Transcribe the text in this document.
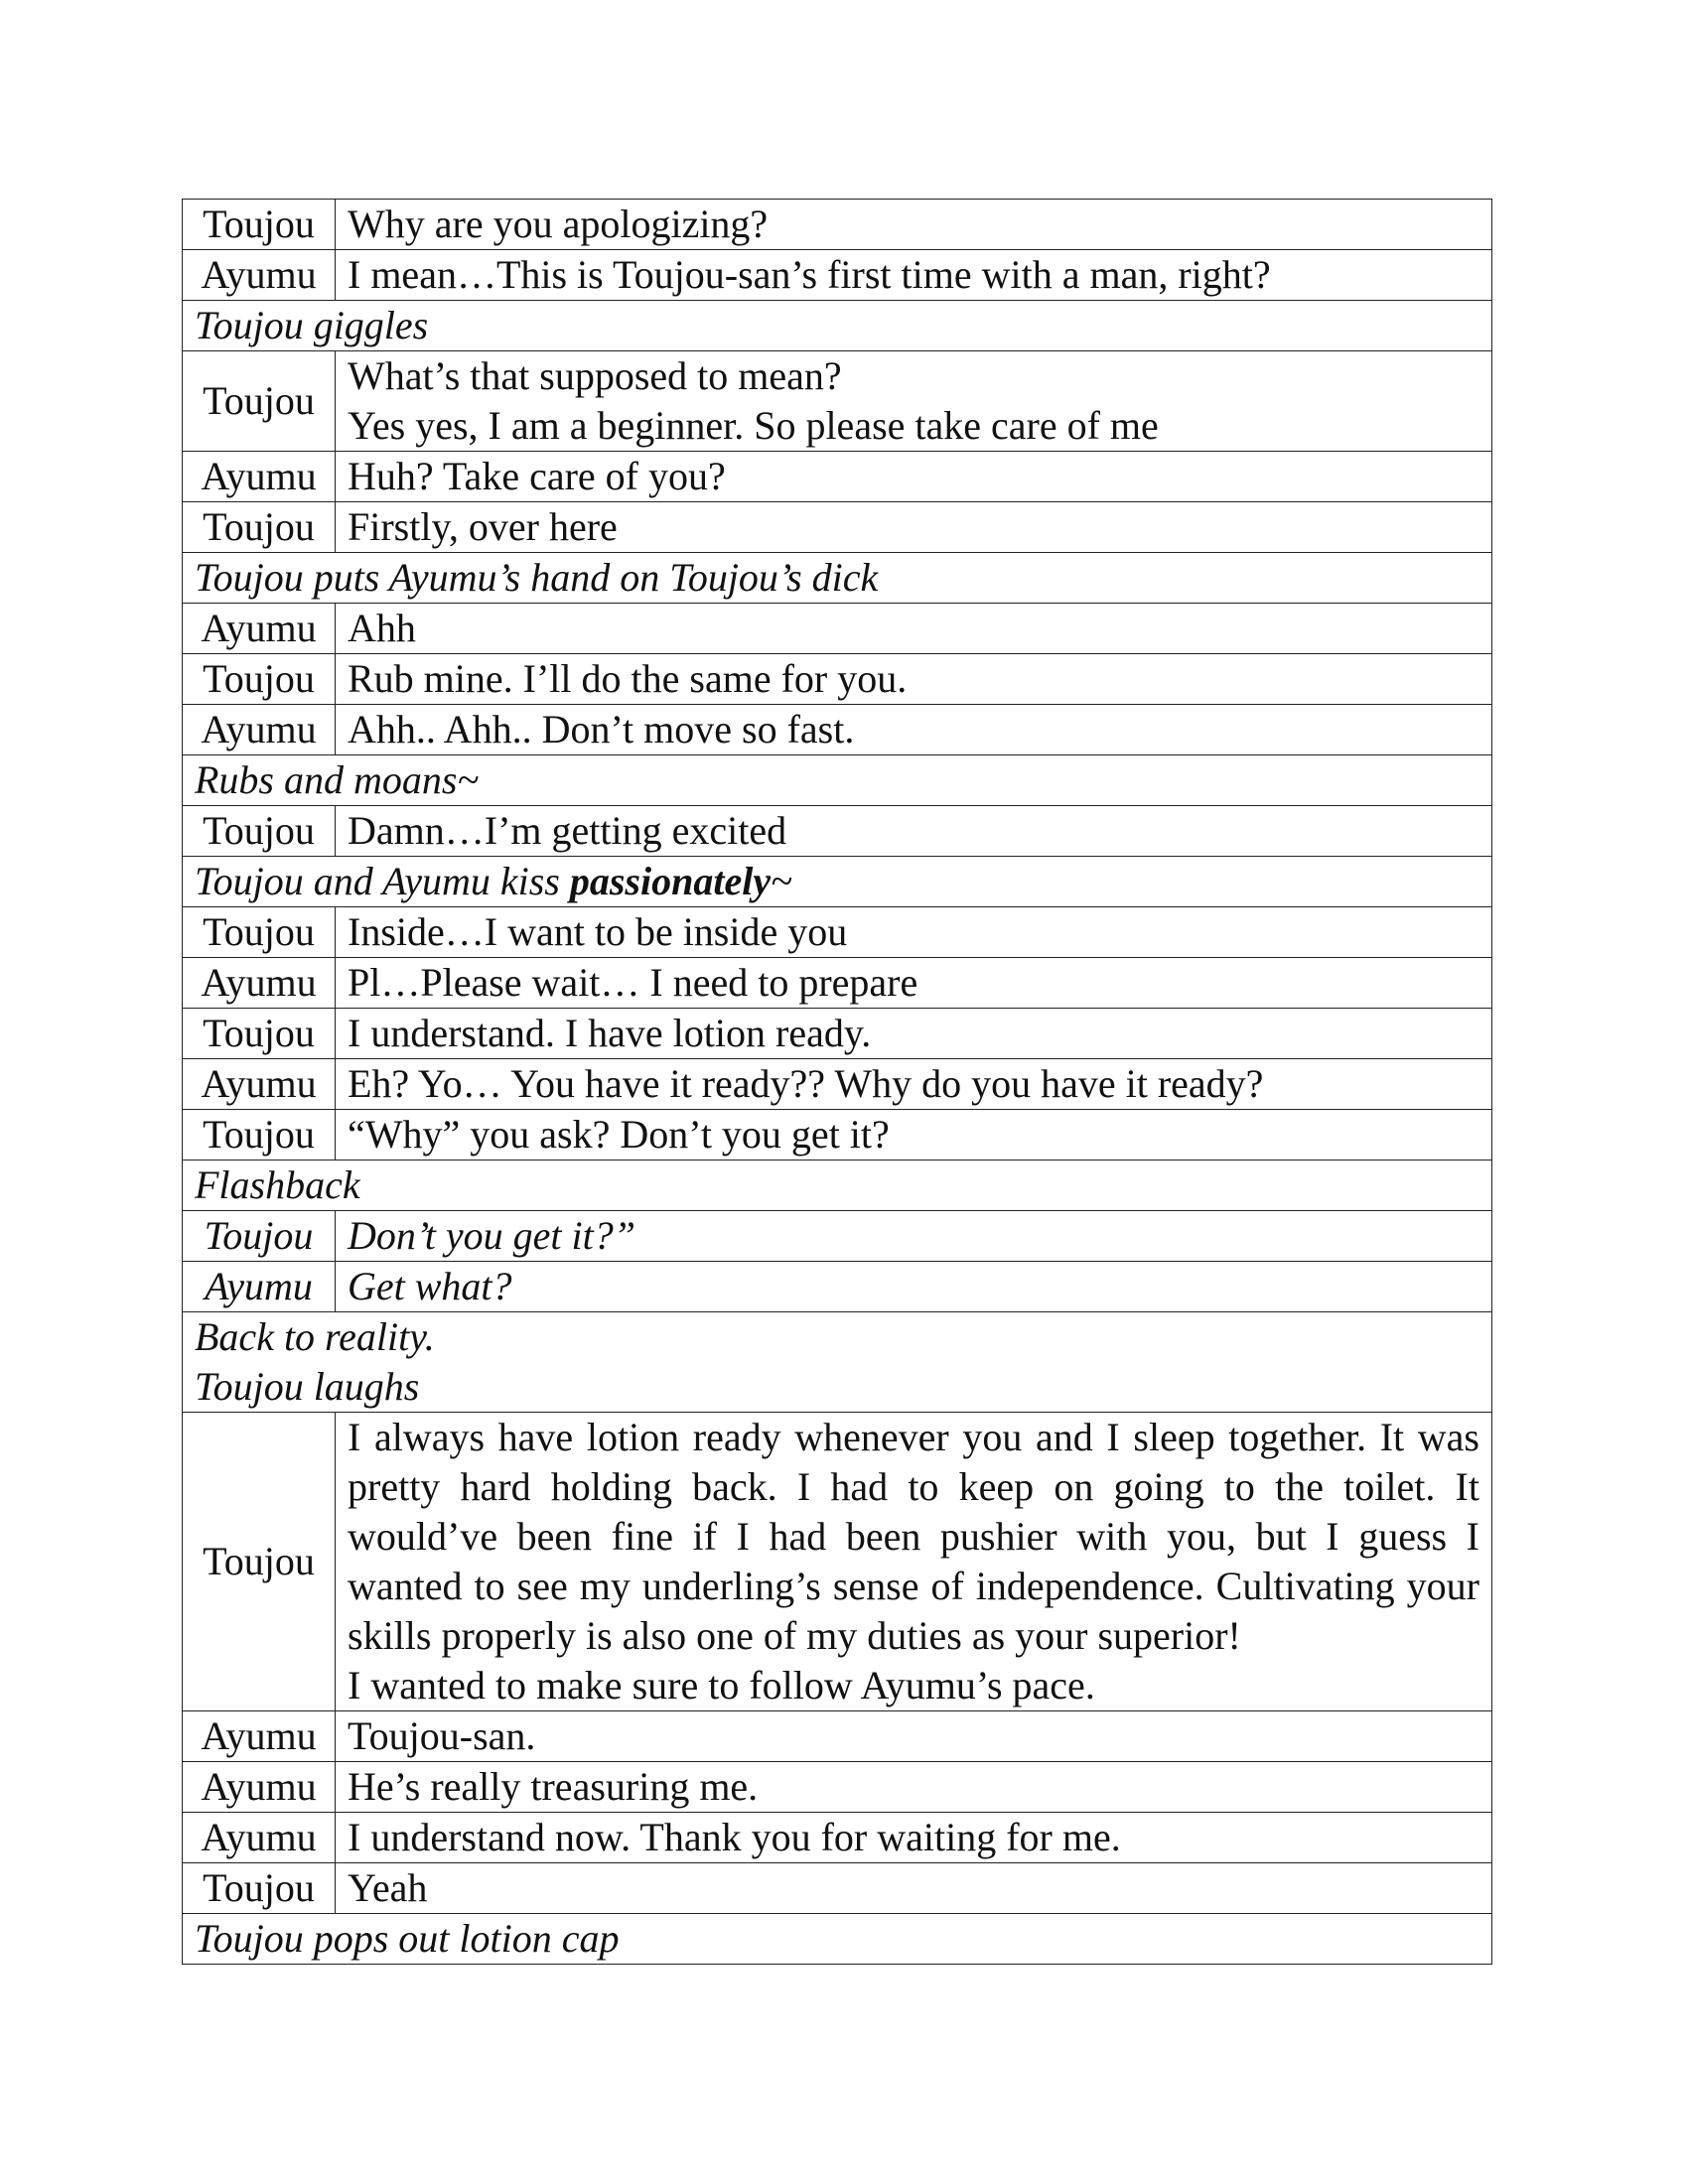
Toujou	Why are you apologizing?

Ayumu	I mean…This is Toujou-san’s first time with a man, right?

Toujou giggles	

Toujou	What’s that supposed to mean?
Yes yes, I am a beginner. So please take care of me

Ayumu	Huh? Take care of you?

Toujou	Firstly, over here

Toujou puts Ayumu’s hand on Toujou’s dick	

Ayumu	Ahh

Toujou	Rub mine. I’ll do the same for you.

Ayumu	Ahh.. Ahh.. Don’t move so fast.

Rubs and moans~	

Toujou	Damn…I’m getting excited

Toujou and Ayumu kiss passionately~	
Toujou	Inside…I want to be inside you

Ayumu	Pl…Please wait… I need to prepare

Toujou	I understand. I have lotion ready.

Ayumu	Eh? Yo… You have it ready?? Why do you have it ready?

Toujou	“Why” you ask? Don’t you get it?

Flashback	

Toujou	Don’t you get it?”

Ayumu	Get what?

Back to reality.
Toujou laughs	

Toujou	I always have lotion ready whenever you and I sleep together. It was pretty hard holding back. I had to keep on going to the toilet. It would’ve been fine if I had been pushier with you, but I guess I wanted to see my underling’s sense of independence. Cultivating your skills properly is also one of my duties as your superior!
I wanted to make sure to follow Ayumu’s pace.

Ayumu	Toujou-san.

Ayumu	He’s really treasuring me.

Ayumu	I understand now. Thank you for waiting for me.

Toujou	Yeah

Toujou pops out lotion cap	
